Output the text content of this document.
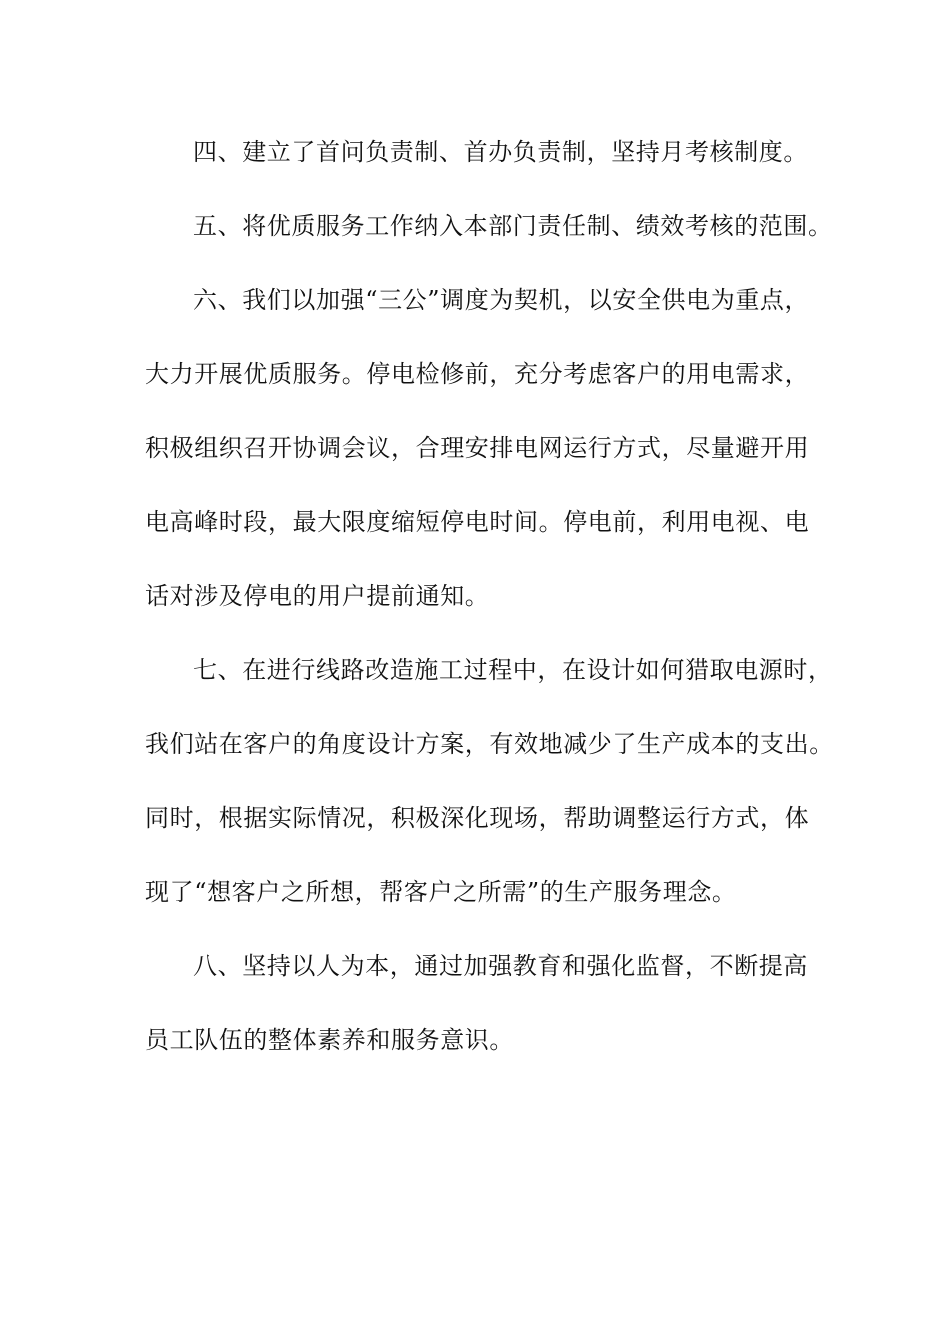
四、建立了首问负责制、首办负责制，坚持月考核制度。
五、将优质服务工作纳入本部门责任制、绩效考核的范围。
六、我们以加强“三公”调度为契机，以安全供电为重点，
大力开展优质服务。停电检修前，充分考虑客户的用电需求，
积极组织召开协调会议，合理安排电网运行方式，尽量避开用
电高峰时段，最大限度缩短停电时间。停电前，利用电视、电
话对涉及停电的用户提前通知。
七、在进行线路改造施工过程中，在设计如何猎取电源时，
我们站在客户的角度设计方案，有效地减少了生产成本的支出。
同时，根据实际情况，积极深化现场，帮助调整运行方式，体
现了“想客户之所想，帮客户之所需”的生产服务理念。
八、坚持以人为本，通过加强教育和强化监督，不断提高
员工队伍的整体素养和服务意识。
